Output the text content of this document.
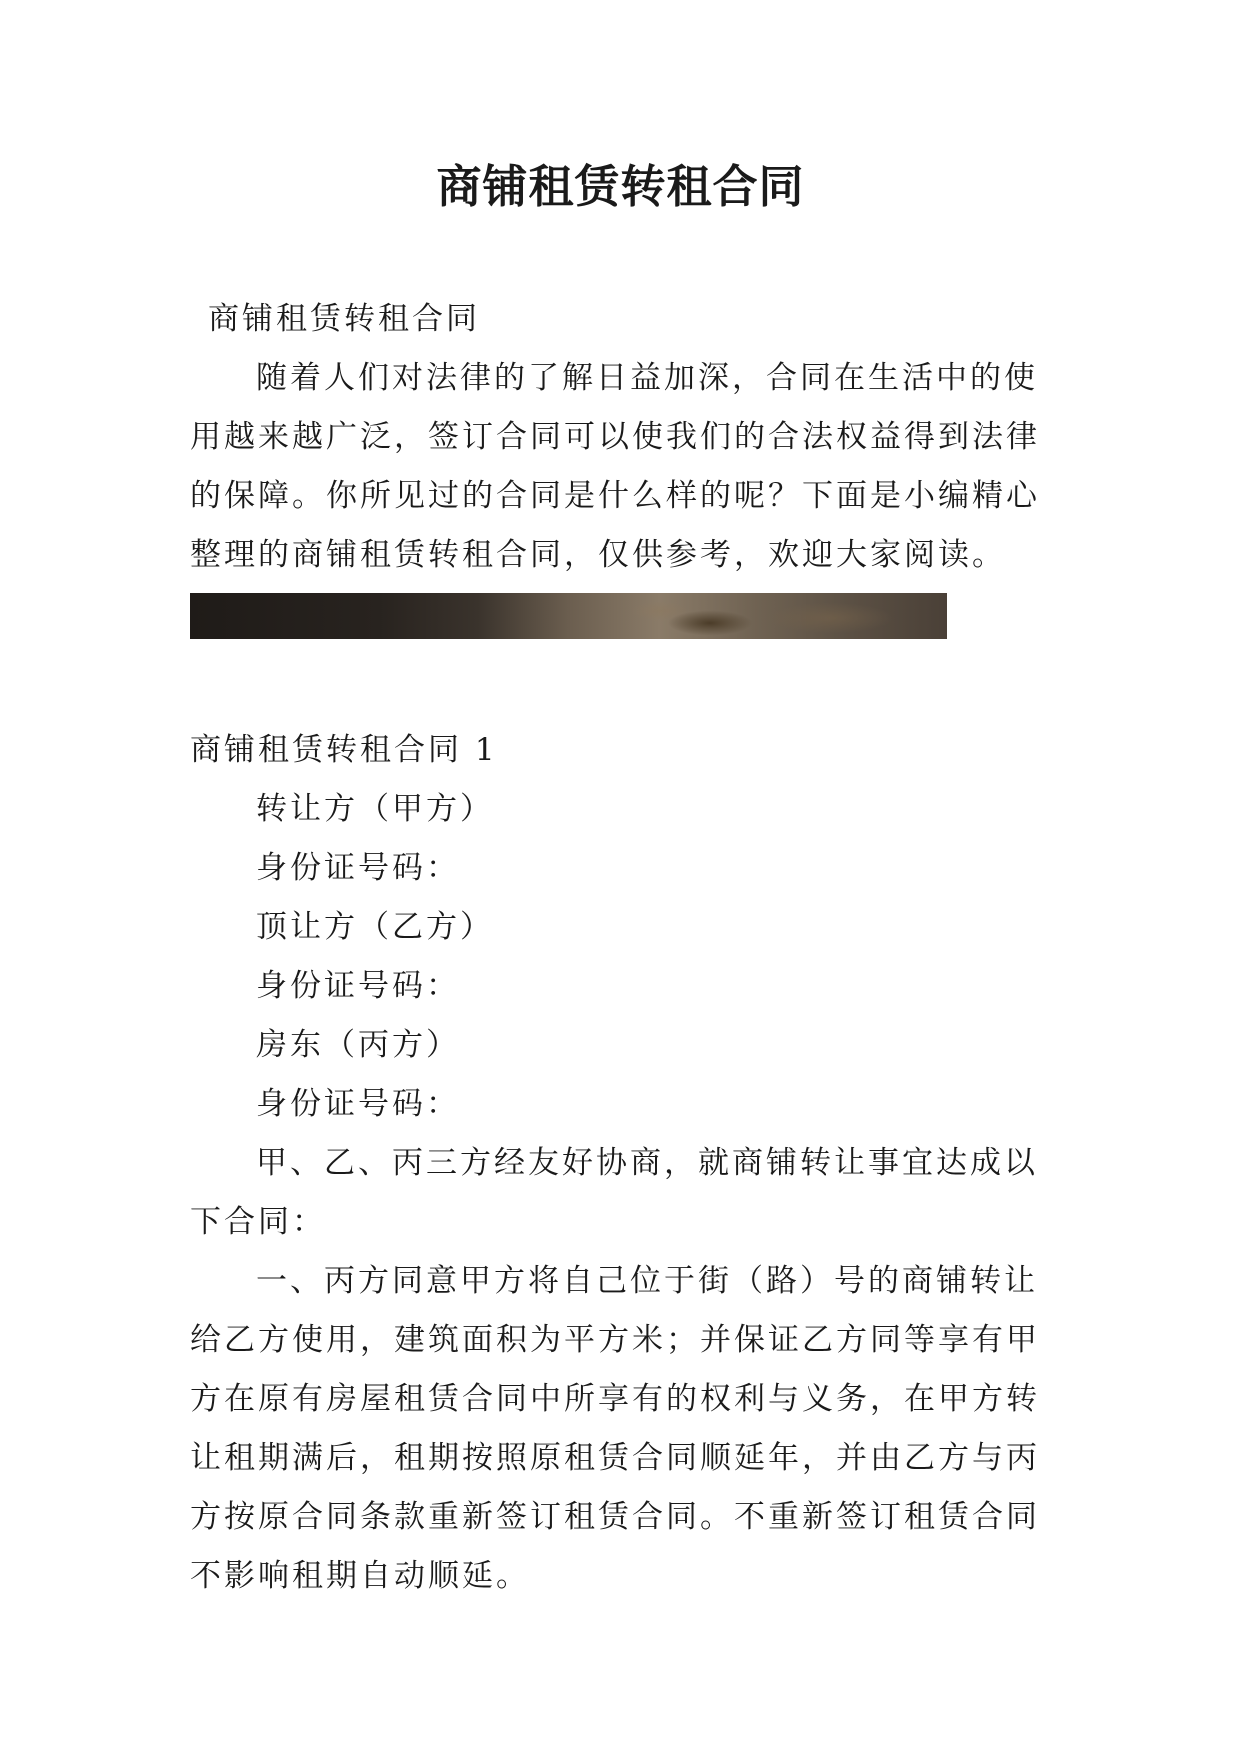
商铺租赁转租合同

商铺租赁转租合同

随着人们对法律的了解日益加深，合同在生活中的使用越来越广泛，签订合同可以使我们的合法权益得到法律的保障。你所见过的合同是什么样的呢？下面是小编精心整理的商铺租赁转租合同，仅供参考，欢迎大家阅读。

商铺租赁转租合同 1

转让方（甲方）

身份证号码：

顶让方（乙方）

身份证号码：

房东（丙方）

身份证号码：

甲、乙、丙三方经友好协商，就商铺转让事宜达成以下合同：

一、丙方同意甲方将自己位于街（路）号的商铺转让给乙方使用，建筑面积为平方米；并保证乙方同等享有甲方在原有房屋租赁合同中所享有的权利与义务，在甲方转让租期满后，租期按照原租赁合同顺延年，并由乙方与丙方按原合同条款重新签订租赁合同。不重新签订租赁合同不影响租期自动顺延。
